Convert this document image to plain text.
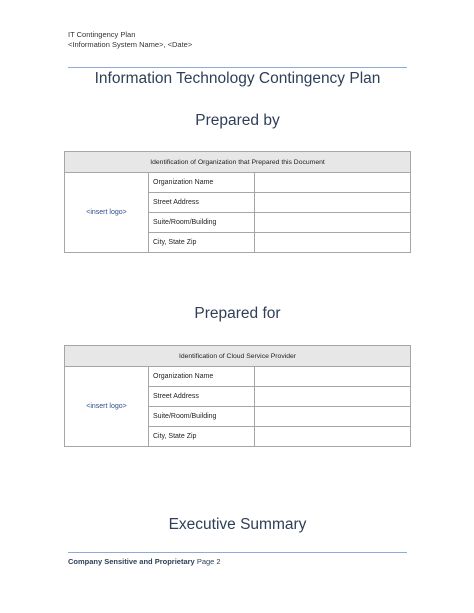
IT Contingency Plan
<Information System Name>, <Date>
Information Technology Contingency Plan
Prepared by
Identification of Organization that Prepared this Document		
<insert logo>	Organization Name	
	Street Address	
	Suite/Room/Building	
	City, State Zip	
Prepared for
Identification of Cloud Service Provider		
<insert logo>	Organization Name	
	Street Address	
	Suite/Room/Building	
	City, State Zip	
Executive Summary
Company Sensitive and Proprietary Page 2
